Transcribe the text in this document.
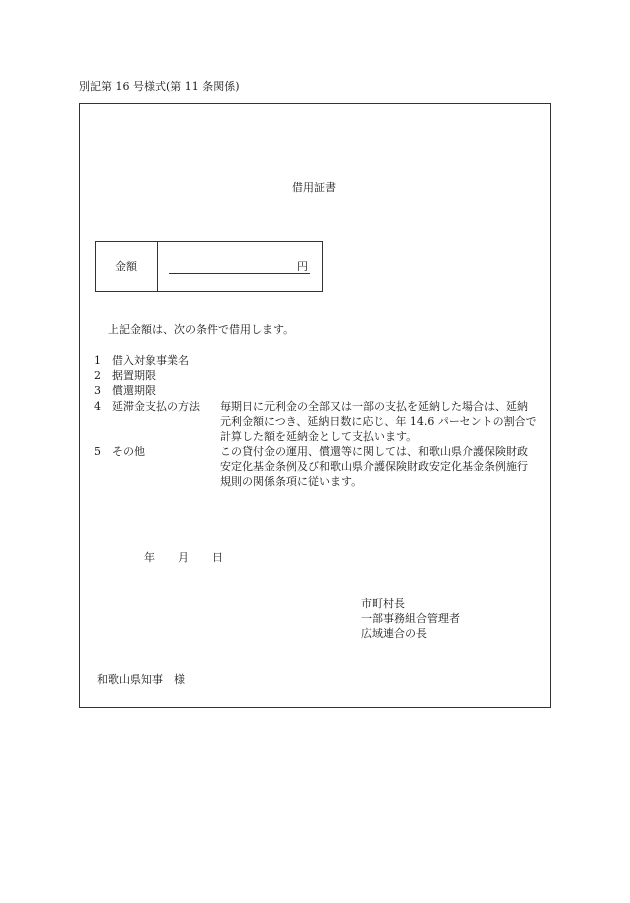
別記第 16 号様式(第 11 条関係)
借用証書
金額	円
上記金額は、次の条件で借用します。
1 借入対象事業名
2 据置期限
3 償還期限
4 延滞金支払の方法 毎期日に元利金の全部又は一部の支払を延納した場合は、延納
元利金額につき、延納日数に応じ、年 14.6 パーセントの割合で
計算した額を延納金として支払います。
5 その他	この貸付金の運用、償還等に関しては、和歌山県介護保険財政
安定化基金条例及び和歌山県介護保険財政安定化基金条例施行
規則の関係条項に従います。
年 月 日
市町村長
一部事務組合管理者
広域連合の長
和歌山県知事　様
